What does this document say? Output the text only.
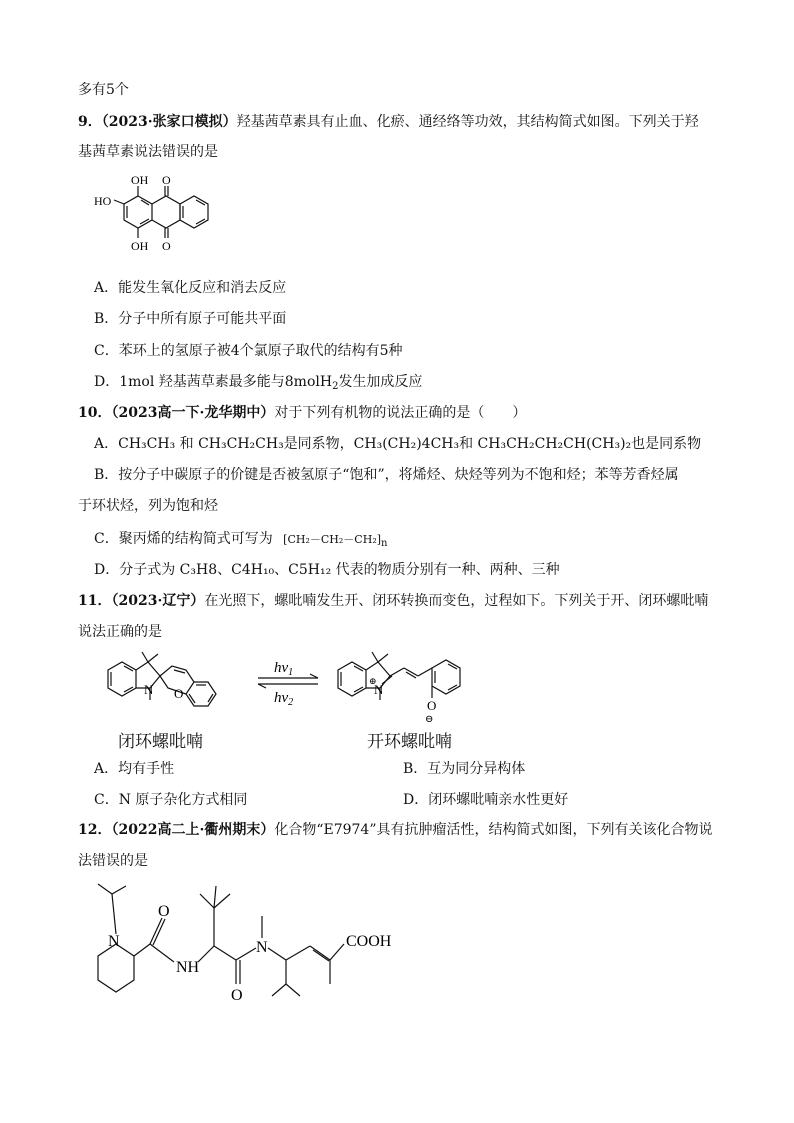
多有5个
9．（2023·张家口模拟）羟基茜草素具有止血、化瘀、通经络等功效，其结构简式如图。下列关于羟
基茜草素说法错误的是
OH O
HO
OH O
A．能发生氧化反应和消去反应
B．分子中所有原子可能共平面
C．苯环上的氢原子被4个氯原子取代的结构有5种
D．1mol 羟基茜草素最多能与8molH$_2$发生加成反应
10．（2023高一下·龙华期中）对于下列有机物的说法正确的是（　　）
A．CH₃CH₃ 和 CH₃CH₂CH₃是同系物，CH₃(CH₂)4CH₃和 CH₃CH₂CH₂CH(CH₃)₂也是同系物
B．按分子中碳原子的价键是否被氢原子“饱和”，将烯烃、炔烃等列为不饱和烃；苯等芳香烃属
于环状烃，列为饱和烃
C．聚丙烯的结构简式可写为 [CH₂－CH₂－CH₂]n
D．分子式为 C₃H8、C4H₁₀、C5H₁₂ 代表的物质分别有一种、两种、三种
11．（2023·辽宁）在光照下，螺吡喃发生开、闭环转换而变色，过程如下。下列关于开、闭环螺吡喃
说法正确的是
N O	N
⊕
O
⊖
$h\nu_1$
$h\nu_2$
闭环螺吡喃	开环螺吡喃
A．均有手性	B．互为同分异构体
C．N 原子杂化方式相同	D．闭环螺吡喃亲水性更好
12．（2022高二上·衢州期末）化合物“E7974”具有抗肿瘤活性，结构简式如图，下列有关该化合物说
法错误的是
N
O
NH
O
N	COOH
